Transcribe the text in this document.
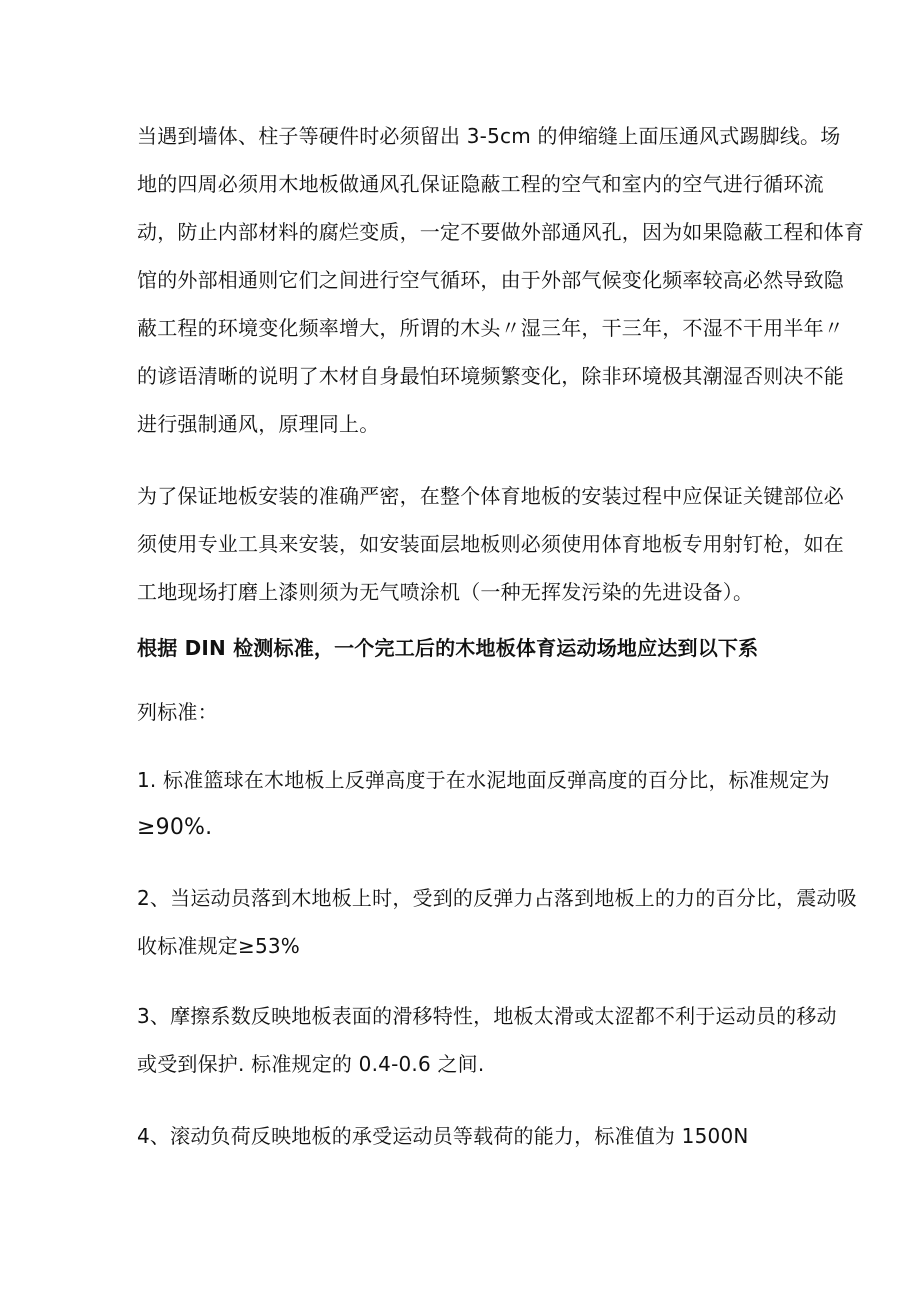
当遇到墙体、柱子等硬件时必须留出 3-5cm 的伸缩缝上面压通风式踢脚线。场
地的四周必须用木地板做通风孔保证隐蔽工程的空气和室内的空气进行循环流
动，防止内部材料的腐烂变质，一定不要做外部通风孔，因为如果隐蔽工程和体育
馆的外部相通则它们之间进行空气循环，由于外部气候变化频率较高必然导致隐
蔽工程的环境变化频率增大，所谓的木头〃湿三年，干三年，不湿不干用半年〃
的谚语清晰的说明了木材自身最怕环境频繁变化，除非环境极其潮湿否则决不能
进行强制通风，原理同上。
为了保证地板安装的准确严密，在整个体育地板的安装过程中应保证关键部位必
须使用专业工具来安装，如安装面层地板则必须使用体育地板专用射钉枪，如在
工地现场打磨上漆则须为无气喷涂机（一种无挥发污染的先进设备）。
根据 DIN 检测标准，一个完工后的木地板体育运动场地应达到以下系
列标准：
1. 标准篮球在木地板上反弹高度于在水泥地面反弹高度的百分比，标准规定为
≥90%.
2、当运动员落到木地板上时，受到的反弹力占落到地板上的力的百分比，震动吸
收标准规定≥53%
3、摩擦系数反映地板表面的滑移特性，地板太滑或太涩都不利于运动员的移动
或受到保护. 标准规定的 0.4-0.6 之间.
4、滚动负荷反映地板的承受运动员等载荷的能力，标准值为 1500N
